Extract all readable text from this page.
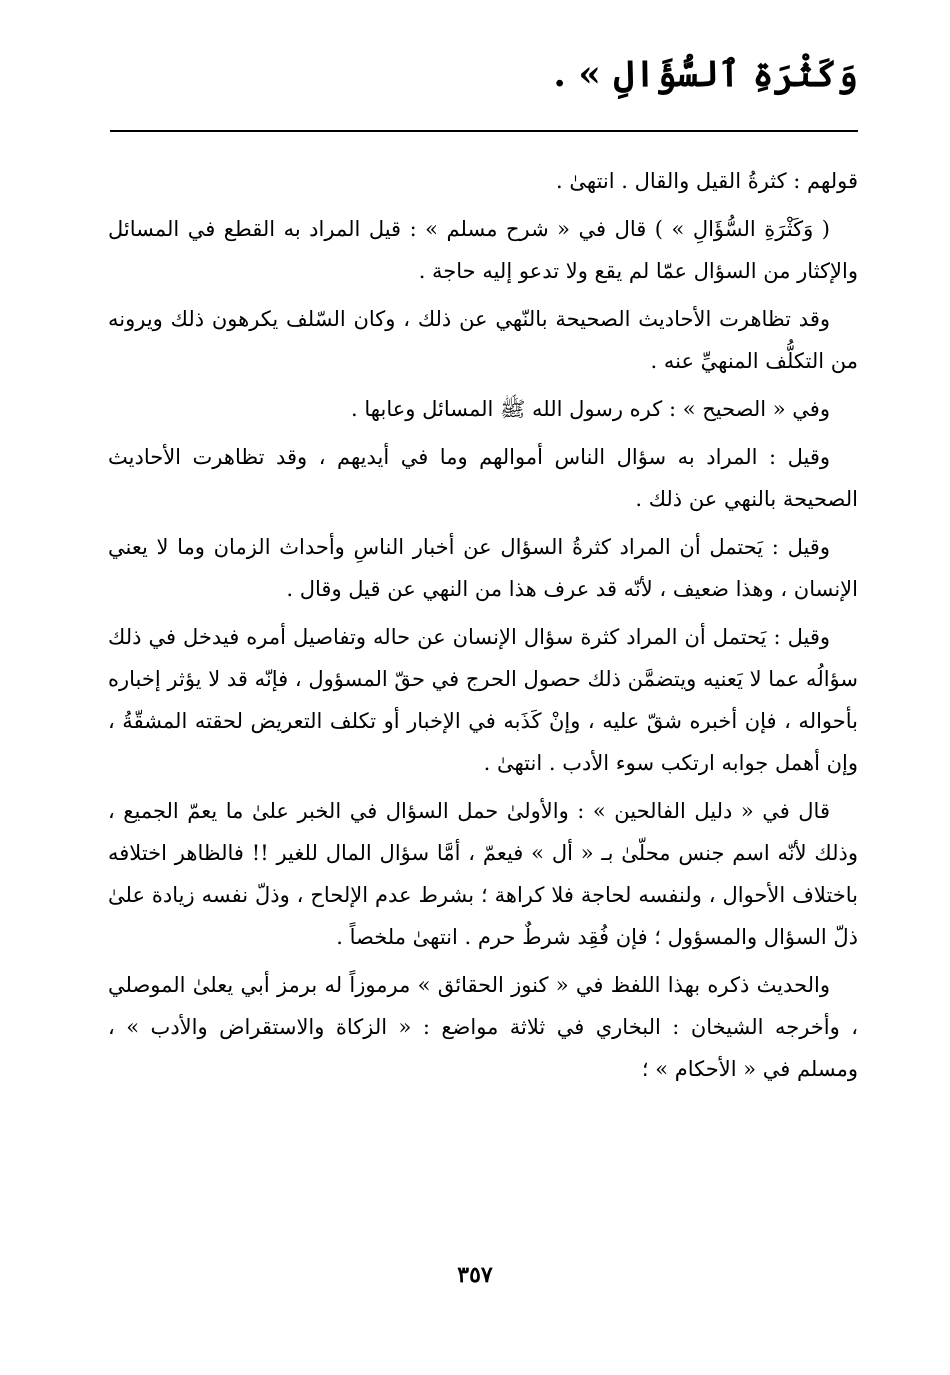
وَكَثْرَةِ ٱلسُّؤَالِ » .

قولهم : كثرةُ القيل والقال . انتهىٰ .

( وَكَثْرَةِ السُّؤَالِ » ) قال في « شرح مسلم » : قيل المراد به القطع في المسائل والإكثار من السؤال عمّا لم يقع ولا تدعو إليه حاجة .

وقد تظاهرت الأحاديث الصحيحة بالنّهي عن ذلك ، وكان السّلف يكرهون ذلك ويرونه من التكلُّف المنهيِّ عنه .

وفي « الصحيح » : كره رسول الله ﷺ المسائل وعابها .

وقيل : المراد به سؤال الناس أموالهم وما في أيديهم ، وقد تظاهرت الأحاديث الصحيحة بالنهي عن ذلك .

وقيل : يَحتمل أن المراد كثرةُ السؤال عن أخبار الناسِ وأحداث الزمان وما لا يعني الإنسان ، وهذا ضعيف ، لأنّه قد عرف هذا من النهي عن قيل وقال .

وقيل : يَحتمل أن المراد كثرة سؤال الإنسان عن حاله وتفاصيل أمره فيدخل في ذلك سؤالُه عما لا يَعنيه ويتضمَّن ذلك حصول الحرج في حقّ المسؤول ، فإنّه قد لا يؤثر إخباره بأحواله ، فإن أخبره شقّ عليه ، وإنْ كَذَبه في الإخبار أو تكلف التعريض لحقته المشقّةُ ، وإن أهمل جوابه ارتكب سوء الأدب . انتهىٰ .

قال في « دليل الفالحين » : والأولىٰ حمل السؤال في الخبر علىٰ ما يعمّ الجميع ، وذلك لأنّه اسم جنس محلّىٰ بـ « أل » فيعمّ ، أمَّا سؤال المال للغير !! فالظاهر اختلافه باختلاف الأحوال ، ولنفسه لحاجة فلا كراهة ؛ بشرط عدم الإلحاح ، وذلّ نفسه زيادة علىٰ ذلّ السؤال والمسؤول ؛ فإن فُقِد شرطٌ حرم . انتهىٰ ملخصاً .

والحديث ذكره بهذا اللفظ في « كنوز الحقائق » مرموزاً له برمز أبي يعلىٰ الموصلي ، وأخرجه الشيخان : البخاري في ثلاثة مواضع : « الزكاة والاستقراض والأدب » ، ومسلم في « الأحكام » ؛

٣٥٧
